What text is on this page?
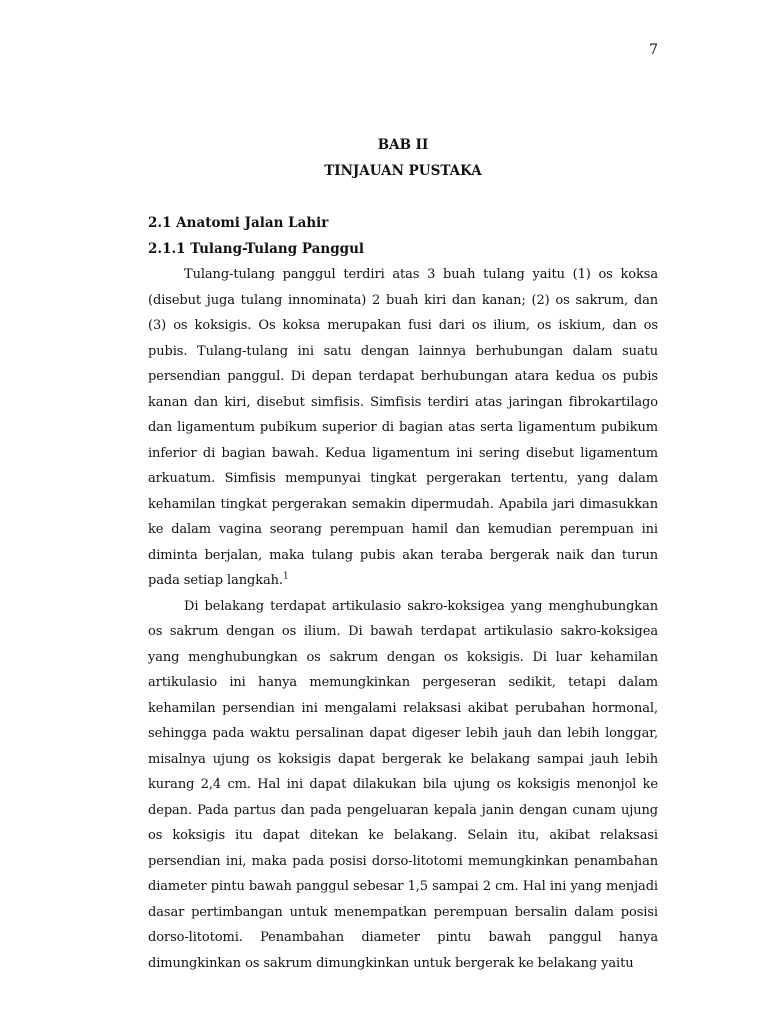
7
BAB II
TINJAUAN PUSTAKA
2.1 Anatomi Jalan Lahir
2.1.1 Tulang-Tulang Panggul

Tulang-tulang panggul terdiri atas 3 buah tulang yaitu (1) os koksa (disebut juga tulang innominata) 2 buah kiri dan kanan; (2) os sakrum, dan (3) os koksigis. Os koksa merupakan fusi dari os ilium, os iskium, dan os pubis. Tulang-tulang ini satu dengan lainnya berhubungan dalam suatu persendian panggul. Di depan terdapat berhubungan atara kedua os pubis kanan dan kiri, disebut simfisis. Simfisis terdiri atas jaringan fibrokartilago dan ligamentum pubikum superior di bagian atas serta ligamentum pubikum inferior di bagian bawah. Kedua ligamentum ini sering disebut ligamentum arkuatum. Simfisis mempunyai tingkat pergerakan tertentu, yang dalam kehamilan tingkat pergerakan semakin dipermudah. Apabila jari dimasukkan ke dalam vagina seorang perempuan hamil dan kemudian perempuan ini diminta berjalan, maka tulang pubis akan teraba bergerak naik dan turun pada setiap langkah.$^1$

Di belakang terdapat artikulasio sakro-koksigea yang menghubungkan os sakrum dengan os ilium. Di bawah terdapat artikulasio sakro-koksigea yang menghubungkan os sakrum dengan os koksigis. Di luar kehamilan artikulasio ini hanya memungkinkan pergeseran sedikit, tetapi dalam kehamilan persendian ini mengalami relaksasi akibat perubahan hormonal, sehingga pada waktu persalinan dapat digeser lebih jauh dan lebih longgar, misalnya ujung os koksigis dapat bergerak ke belakang sampai jauh lebih kurang 2,4 cm. Hal ini dapat dilakukan bila ujung os koksigis menonjol ke depan. Pada partus dan pada pengeluaran kepala janin dengan cunam ujung os koksigis itu dapat ditekan ke belakang. Selain itu, akibat relaksasi persendian ini, maka pada posisi dorso-litotomi memungkinkan penambahan diameter pintu bawah panggul sebesar 1,5 sampai 2 cm. Hal ini yang menjadi dasar pertimbangan untuk menempatkan perempuan bersalin dalam posisi dorso-litotomi. Penambahan diameter pintu bawah panggul hanya dimungkinkan os sakrum dimungkinkan untuk bergerak ke belakang yaitu
